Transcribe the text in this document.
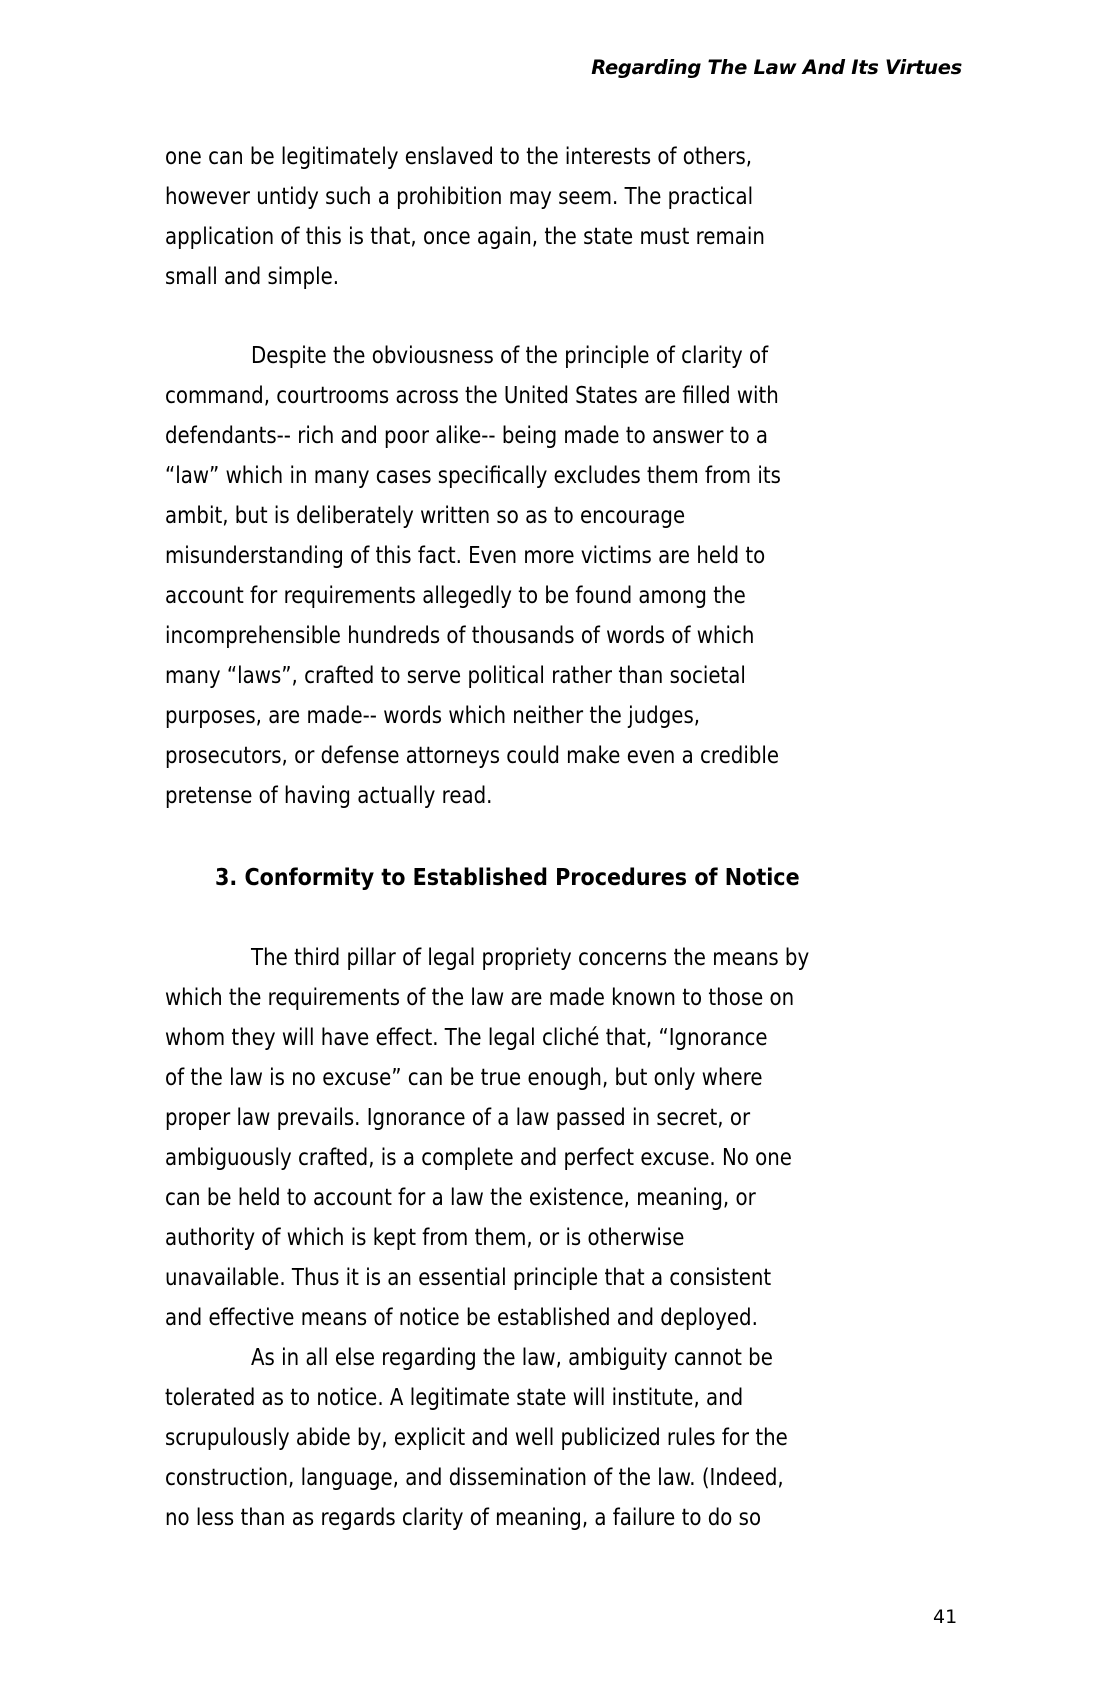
Regarding The Law And Its Virtues
one can be legitimately enslaved to the interests of others,
however untidy such a prohibition may seem. The practical
application of this is that, once again, the state must remain
small and simple.
Despite the obviousness of the principle of clarity of
command, courtrooms across the United States are filled with
defendants-- rich and poor alike-- being made to answer to a
“law” which in many cases specifically excludes them from its
ambit, but is deliberately written so as to encourage
misunderstanding of this fact. Even more victims are held to
account for requirements allegedly to be found among the
incomprehensible hundreds of thousands of words of which
many “laws”, crafted to serve political rather than societal
purposes, are made-- words which neither the judges,
prosecutors, or defense attorneys could make even a credible
pretense of having actually read.
3. Conformity to Established Procedures of Notice
The third pillar of legal propriety concerns the means by
which the requirements of the law are made known to those on
whom they will have effect. The legal cliché that, “Ignorance
of the law is no excuse” can be true enough, but only where
proper law prevails. Ignorance of a law passed in secret, or
ambiguously crafted, is a complete and perfect excuse. No one
can be held to account for a law the existence, meaning, or
authority of which is kept from them, or is otherwise
unavailable. Thus it is an essential principle that a consistent
and effective means of notice be established and deployed.
As in all else regarding the law, ambiguity cannot be
tolerated as to notice. A legitimate state will institute, and
scrupulously abide by, explicit and well publicized rules for the
construction, language, and dissemination of the law. (Indeed,
no less than as regards clarity of meaning, a failure to do so
41
